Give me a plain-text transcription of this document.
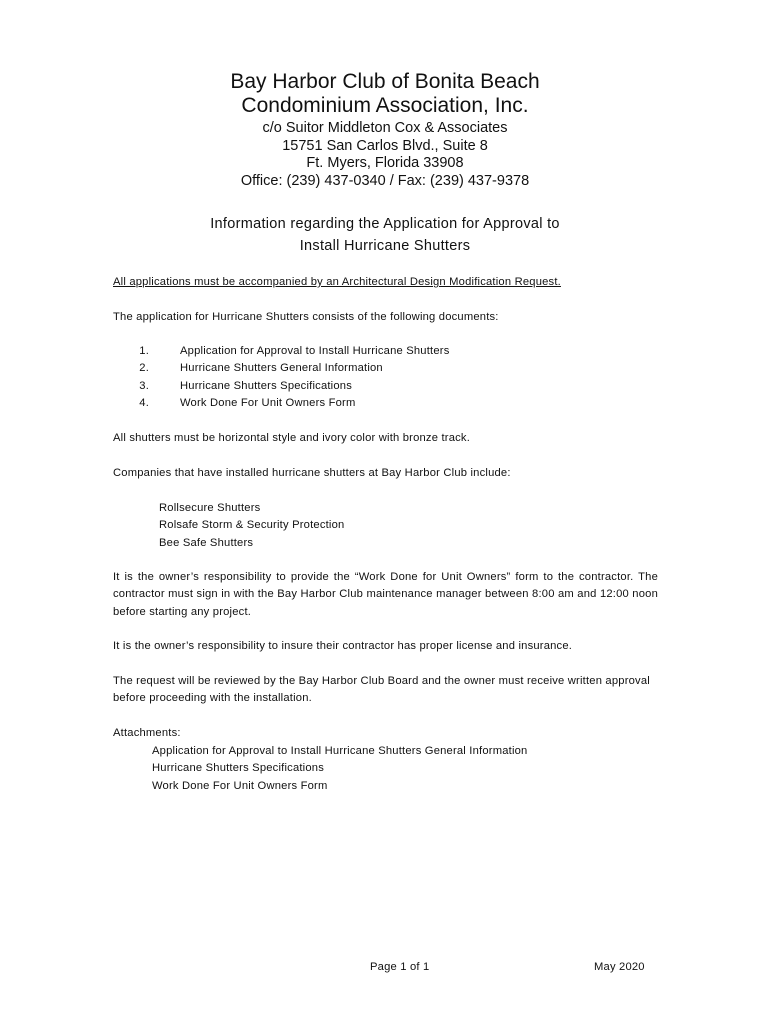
Bay Harbor Club of Bonita Beach
Condominium Association, Inc.
c/o Suitor Middleton Cox & Associates
15751 San Carlos Blvd., Suite 8
Ft. Myers, Florida 33908
Office: (239) 437-0340 / Fax: (239) 437-9378
Information regarding the Application for Approval to
Install Hurricane Shutters
All applications must be accompanied by an Architectural Design Modification Request.
The application for Hurricane Shutters consists of the following documents:
1.	Application for Approval to Install Hurricane Shutters
2.	Hurricane Shutters General Information
3.	Hurricane Shutters Specifications
4.	Work Done For Unit Owners Form
All shutters must be horizontal style and ivory color with bronze track.
Companies that have installed hurricane shutters at Bay Harbor Club include:
Rollsecure Shutters
Rolsafe Storm & Security Protection
Bee Safe Shutters
It is the owner’s responsibility to provide the “Work Done for Unit Owners” form to the contractor. The contractor must sign in with the Bay Harbor Club maintenance manager between 8:00 am and 12:00 noon before starting any project.
It is the owner’s responsibility to insure their contractor has proper license and insurance.
The request will be reviewed by the Bay Harbor Club Board and the owner must receive written approval before proceeding with the installation.
Attachments:
Application for Approval to Install Hurricane Shutters General Information
Hurricane Shutters Specifications
Work Done For Unit Owners Form
Page 1 of 1	May 2020
